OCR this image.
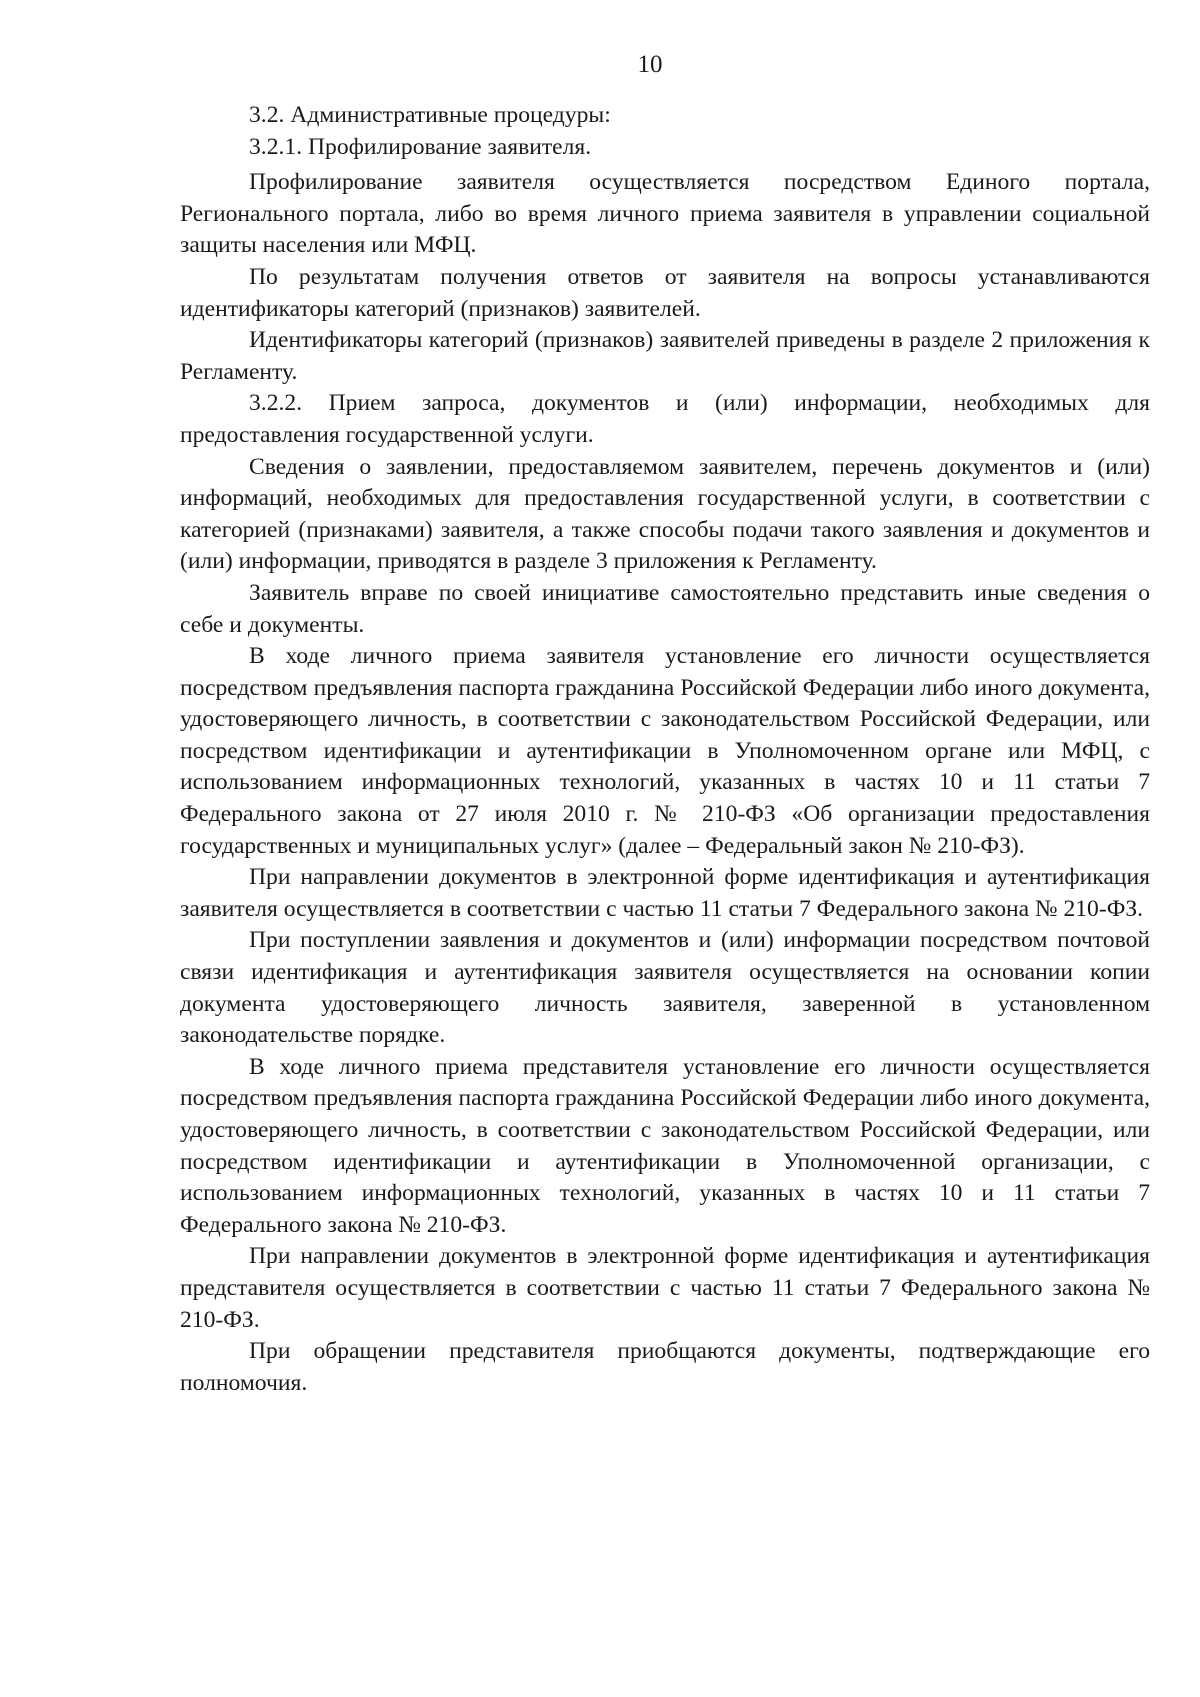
10

3.2. Административные процедуры:

3.2.1. Профилирование заявителя.

Профилирование заявителя осуществляется посредством Единого портала, Регионального портала, либо во время личного приема заявителя в управлении социальной защиты населения или МФЦ.

По результатам получения ответов от заявителя на вопросы устанавливаются идентификаторы категорий (признаков) заявителей.

Идентификаторы категорий (признаков) заявителей приведены в разделе 2 приложения к Регламенту.

3.2.2. Прием запроса, документов и (или) информации, необходимых для предоставления государственной услуги.

Сведения о заявлении, предоставляемом заявителем, перечень документов и (или) информаций, необходимых для предоставления государственной услуги, в соответствии с категорией (признаками) заявителя, а также способы подачи такого заявления и документов и (или) информации, приводятся в разделе 3 приложения к Регламенту.

Заявитель вправе по своей инициативе самостоятельно представить иные сведения о себе и документы.

В ходе личного приема заявителя установление его личности осуществляется посредством предъявления паспорта гражданина Российской Федерации либо иного документа, удостоверяющего личность, в соответствии с законодательством Российской Федерации, или посредством идентификации и аутентификации в Уполномоченном органе или МФЦ, с использованием информационных технологий, указанных в частях 10 и 11 статьи 7 Федерального закона от 27 июля 2010 г. № 210-ФЗ «Об организации предоставления государственных и муниципальных услуг» (далее – Федеральный закон № 210-ФЗ).

При направлении документов в электронной форме идентификация и аутентификация заявителя осуществляется в соответствии с частью 11 статьи 7 Федерального закона № 210-ФЗ.

При поступлении заявления и документов и (или) информации посредством почтовой связи идентификация и аутентификация заявителя осуществляется на основании копии документа удостоверяющего личность заявителя, заверенной в установленном законодательстве порядке.

В ходе личного приема представителя установление его личности осуществляется посредством предъявления паспорта гражданина Российской Федерации либо иного документа, удостоверяющего личность, в соответствии с законодательством Российской Федерации, или посредством идентификации и аутентификации в Уполномоченной организации, с использованием информационных технологий, указанных в частях 10 и 11 статьи 7 Федерального закона № 210-ФЗ.

При направлении документов в электронной форме идентификация и аутентификация представителя осуществляется в соответствии с частью 11 статьи 7 Федерального закона № 210-ФЗ.

При обращении представителя приобщаются документы, подтверждающие его полномочия.
